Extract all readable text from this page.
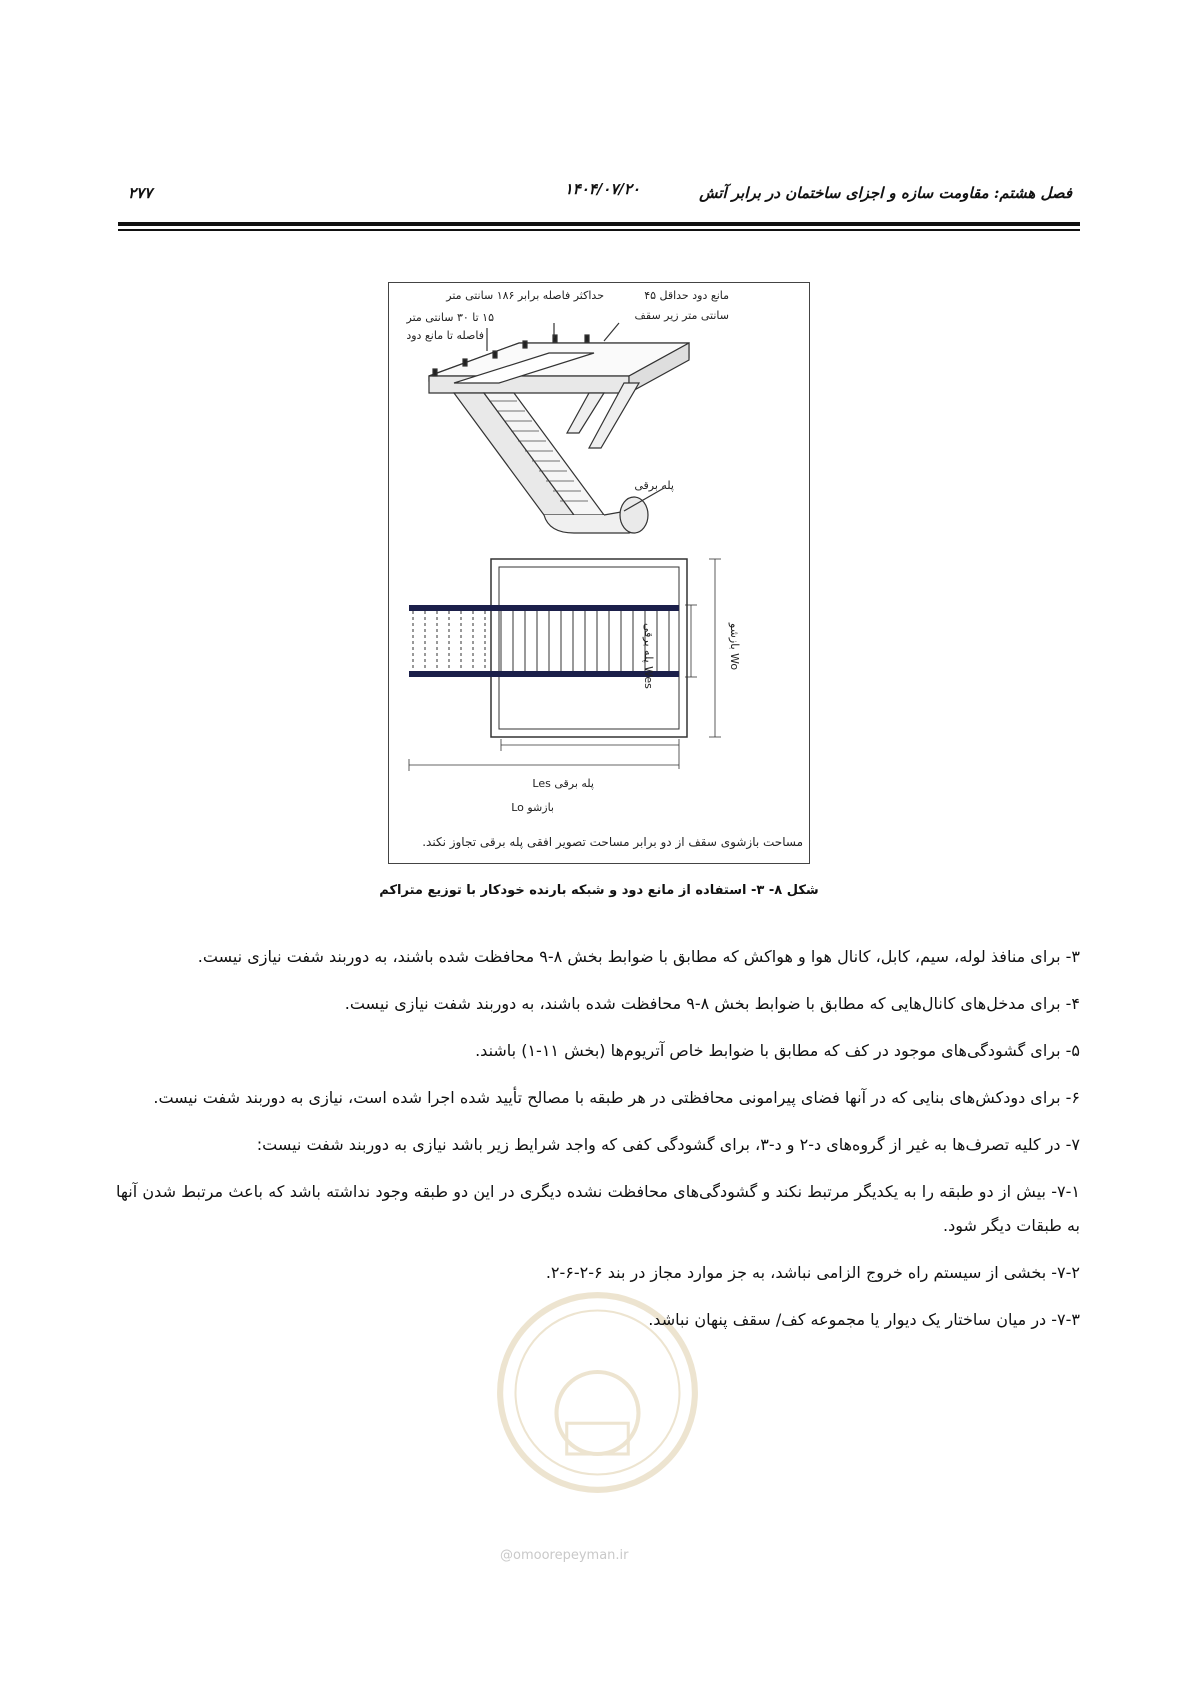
فصل هشتم: مقاومت سازه و اجزای ساختمان در برابر آتش
۱۴۰۴/۰۷/۲۰
۲۷۷
مانع دود حداقل ۴۵
حداکثر فاصله برابر ۱۸۶ سانتی متر
سانتی متر زیر سقف
۱۵ تا ۳۰ سانتی متر
فاصله تا مانع دود
پله برقی
پله برقی Les
بازشو Lo
Wes پله برقی
Wo بازشو
مساحت بازشوی سقف از دو برابر مساحت تصویر افقی پله برقی تجاوز نکند.
شکل ۸- ۳- استفاده از مانع دود و شبکه بارنده خودکار با توزیع متراکم
@omoorepeyman.ir

۳- برای منافذ لوله، سیم، کابل، کانال هوا و هواکش که مطابق با ضوابط بخش ۸-۹ محافظت شده باشند، به دوربند شفت نیازی نیست.

۴- برای مدخل‌های کانال‌هایی که مطابق با ضوابط بخش ۸-۹ محافظت شده باشند، به دوربند شفت نیازی نیست.

۵- برای گشودگی‌های موجود در کف که مطابق با ضوابط خاص آتریوم‌ها (بخش ۱۱-۱) باشند.

۶- برای دودکش‌های بنایی که در آنها فضای پیرامونی محافظتی در هر طبقه با مصالح تأیید شده اجرا شده است، نیازی به دوربند شفت نیست.

۷- در کلیه تصرف‌ها به غیر از گروه‌های د-۲ و د-۳، برای گشودگی کفی که واجد شرایط زیر باشد نیازی به دوربند شفت نیست:

۷-۱- بیش از دو طبقه را به یکدیگر مرتبط نکند و گشودگی‌های محافظت نشده دیگری در این دو طبقه وجود نداشته باشد که باعث مرتبط شدن آنها به طبقات دیگر شود.

۷-۲- بخشی از سیستم راه خروج الزامی نباشد، به جز موارد مجاز در بند ۶-۲-۶-۲.

۷-۳- در میان ساختار یک دیوار یا مجموعه کف/ سقف پنهان نباشد.
